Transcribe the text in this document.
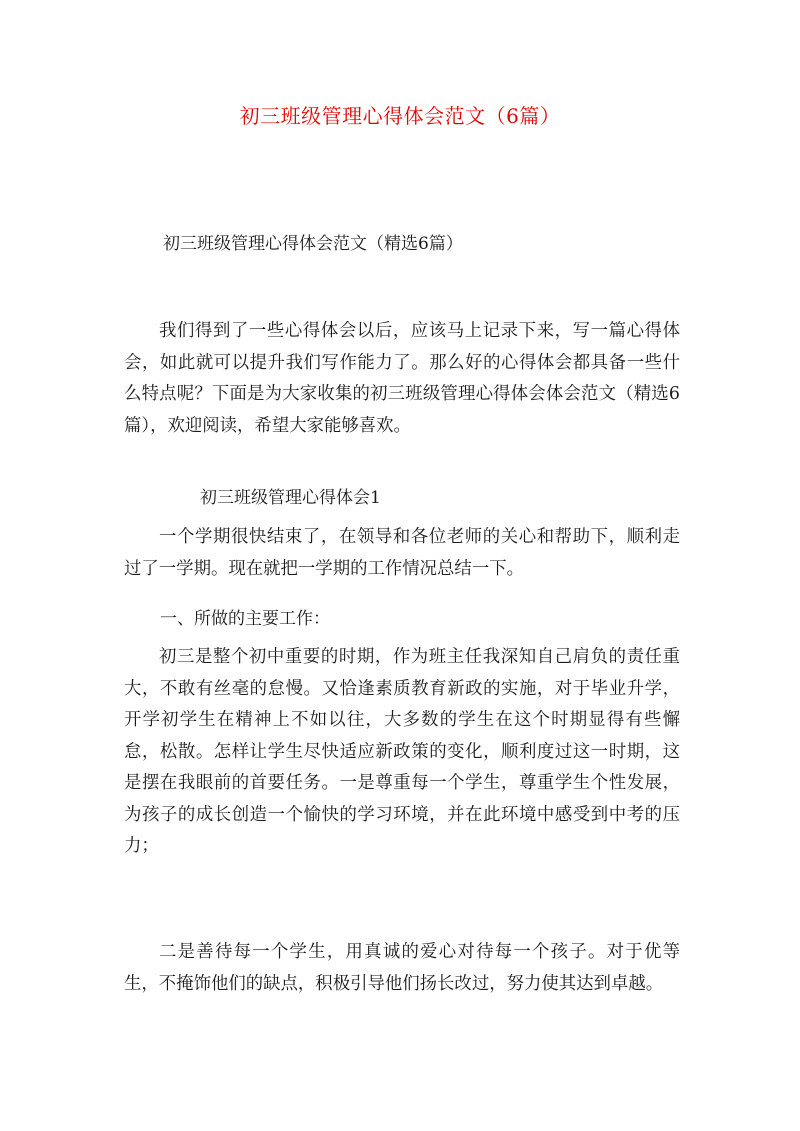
初三班级管理心得体会范文（6篇）
初三班级管理心得体会范文（精选6篇）

我们得到了一些心得体会以后，应该马上记录下来，写一篇心得体会，如此就可以提升我们写作能力了。那么好的心得体会都具备一些什么特点呢？下面是为大家收集的初三班级管理心得体会体会范文（精选6篇），欢迎阅读，希望大家能够喜欢。

初三班级管理心得体会1

一个学期很快结束了，在领导和各位老师的关心和帮助下，顺利走过了一学期。现在就把一学期的工作情况总结一下。

一、所做的主要工作：

初三是整个初中重要的时期，作为班主任我深知自己肩负的责任重大，不敢有丝毫的怠慢。又恰逢素质教育新政的实施，对于毕业升学，开学初学生在精神上不如以往，大多数的学生在这个时期显得有些懈怠，松散。怎样让学生尽快适应新政策的变化，顺利度过这一时期，这是摆在我眼前的首要任务。一是尊重每一个学生，尊重学生个性发展，为孩子的成长创造一个愉快的学习环境，并在此环境中感受到中考的压力；

二是善待每一个学生，用真诚的爱心对待每一个孩子。对于优等生，不掩饰他们的缺点，积极引导他们扬长改过，努力使其达到卓越。
